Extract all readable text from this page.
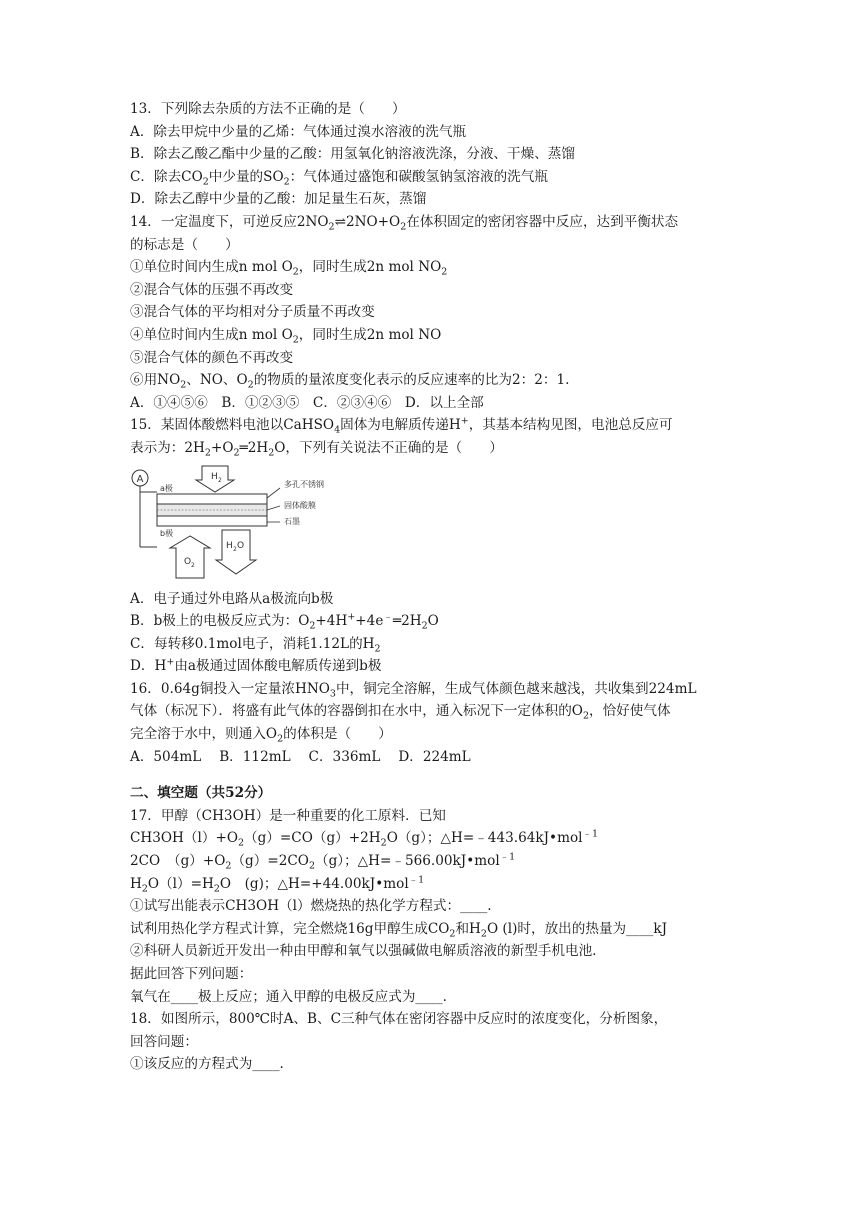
13．下列除去杂质的方法不正确的是（　　）
A．除去甲烷中少量的乙烯：气体通过溴水溶液的洗气瓶
B．除去乙酸乙酯中少量的乙酸：用氢氧化钠溶液洗涤，分液、干燥、蒸馏
C．除去$CO_2$中少量的$SO_2$：气体通过盛饱和碳酸氢钠氢溶液的洗气瓶
D．除去乙醇中少量的乙酸：加足量生石灰，蒸馏
14．一定温度下，可逆反应$2NO_2\rightleftharpoons 2NO+O_2$在体积固定的密闭容器中反应，达到平衡状态
的标志是（　　）
①单位时间内生成n mol $O_2$，同时生成2n mol $NO_2$
②混合气体的压强不再改变
③混合气体的平均相对分子质量不再改变
④单位时间内生成n mol $O_2$，同时生成2n mol NO
⑤混合气体的颜色不再改变
⑥用$NO_2$、NO、$O_2$的物质的量浓度变化表示的反应速率的比为2：2：1.
A．①④⑤⑥　B．①②③⑤　C．②③④⑥　D．以上全部
15．某固体酸燃料电池以CaHSO$_4$固体为电解质传递H+，其基本结构见图，电池总反应可
表示为：$2H_2+O_2═2H_2O$，下列有关说法不正确的是（　　）
A
a极
b极
H 2
O 2
H 2 O
多孔不锈钢
固体酸膜
石墨
A．电子通过外电路从a极流向b极
B．b极上的电极反应式为：$O_2+4H^++4e^﹣═2H_2O$
C．每转移0.1mol电子，消耗1.12L的$H_2$
D．H+由a极通过固体酸电解质传递到b极
16．0.64g铜投入一定量浓$HNO_3$中，铜完全溶解，生成气体颜色越来越浅，共收集到224mL
气体（标况下）．将盛有此气体的容器倒扣在水中，通入标况下一定体积的$O_2$，恰好使气体
完全溶于水中，则通入$O_2$的体积是（　　）
A．504mL　 B．112mL　 C．336mL　 D．224mL
二、填空题（共52分）
17．甲醇（CH3OH）是一种重要的化工原料．已知
$CH3OH(l)+O_2(g)=CO(g)+2H_2O(g)$；△H=﹣443.64kJ•mol$^{﹣1}$
2CO　$(g)+O_2(g)=2CO_2(g)$；△H=﹣566.00kJ•mol$^{﹣1}$
$H_2O(l)=H_2O$　(g)；△H=+44.00kJ•mol$^{﹣1}$
①试写出能表示CH3OH（l）燃烧热的热化学方程式：____.
试利用热化学方程式计算，完全燃烧16g甲醇生成$CO_2$和$H_2O$ (l)时，放出的热量为____kJ
②科研人员新近开发出一种由甲醇和氧气以强碱做电解质溶液的新型手机电池.
据此回答下列问题：
氧气在____极上反应；通入甲醇的电极反应式为____.
18．如图所示，800℃时A、B、C三种气体在密闭容器中反应时的浓度变化，分析图象，
回答问题：
①该反应的方程式为____.
